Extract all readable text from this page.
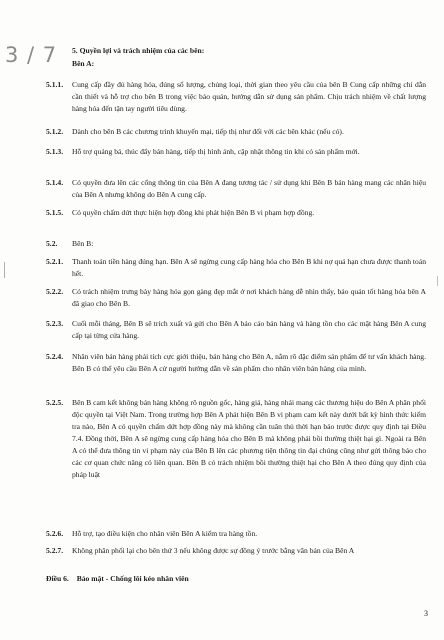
3 / 7	5. Quyền lợi và trách nhiệm của các bên:
Bên A:
5.1.1. Cung cấp đầy đủ hàng hóa, đúng số lượng, chủng loại, thời gian theo yêu cầu của bên B Cung cấp những chỉ dẫn cần thiết và hỗ trợ cho bên B trong việc bảo quản, hướng dẫn sử dụng sản phẩm. Chịu trách nhiệm về chất lượng hàng hóa đến tận tay người tiêu dùng.
5.1.2. Dành cho bên B các chương trình khuyến mại, tiếp thị như đối với các bên khác (nếu có).
5.1.3. Hỗ trợ quảng bá, thúc đẩy bán hàng, tiếp thị hình ảnh, cập nhật thông tin khi có sản phẩm mới.
5.1.4. Có quyền đưa lên các cổng thông tin của Bên A đang tương tác / sử dụng khi Bên B bán hàng mang các nhãn hiệu của Bên A nhưng không do Bên A cung cấp.
5.1.5. Có quyền chấm dứt thực hiện hợp đồng khi phát hiện Bên B vi phạm hợp đồng.
5.2. Bên B:
5.2.1. Thanh toán tiền hàng đúng hạn. Bên A sẽ ngừng cung cấp hàng hóa cho Bên B khi nợ quá hạn chưa được thanh toán hết.
5.2.2. Có trách nhiệm trưng bày hàng hóa gọn gàng đẹp mắt ở nơi khách hàng dễ nhìn thấy, bảo quản tốt hàng hóa bên A đã giao cho Bên B.
5.2.3. Cuối mỗi tháng, Bên B sẽ trích xuất và gửi cho Bên A báo cáo bán hàng và hàng tồn cho các mặt hàng Bên A cung cấp tại từng cửa hàng.
5.2.4. Nhân viên bán hàng phải tích cực giới thiệu, bán hàng cho Bên A, nắm rõ đặc điểm sản phẩm để tư vấn khách hàng. Bên B có thể yêu cầu Bên A cử người hướng dẫn về sản phẩm cho nhân viên bán hàng của mình.
5.2.5. Bên B cam kết không bán hàng không rõ nguồn gốc, hàng giả, hàng nhái mang các thương hiệu do Bên A phân phối độc quyền tại Việt Nam. Trong trường hợp Bên A phát hiện Bên B vi phạm cam kết này dưới bất kỳ hình thức kiểm tra nào, Bên A có quyền chấm dứt hợp đồng này mà không cần tuân thủ thời hạn báo trước được quy định tại Điều 7.4. Đồng thời, Bên A sẽ ngừng cung cấp hàng hóa cho Bên B mà không phải bồi thường thiệt hại gì. Ngoài ra Bên A có thể đưa thông tin vi phạm này của Bên B lên các phương tiện thông tin đại chúng cũng như gửi thông báo cho các cơ quan chức năng có liên quan. Bên B có trách nhiệm bồi thường thiệt hại cho Bên A theo đúng quy định của pháp luật
5.2.6. Hỗ trợ, tạo điều kiện cho nhân viên Bên A kiểm tra hàng tồn.
5.2.7. Không phân phối lại cho bên thứ 3 nếu không được sự đồng ý trước bằng văn bản của Bên A
Điều 6. Bảo mật - Chống lôi kéo nhân viên
3
